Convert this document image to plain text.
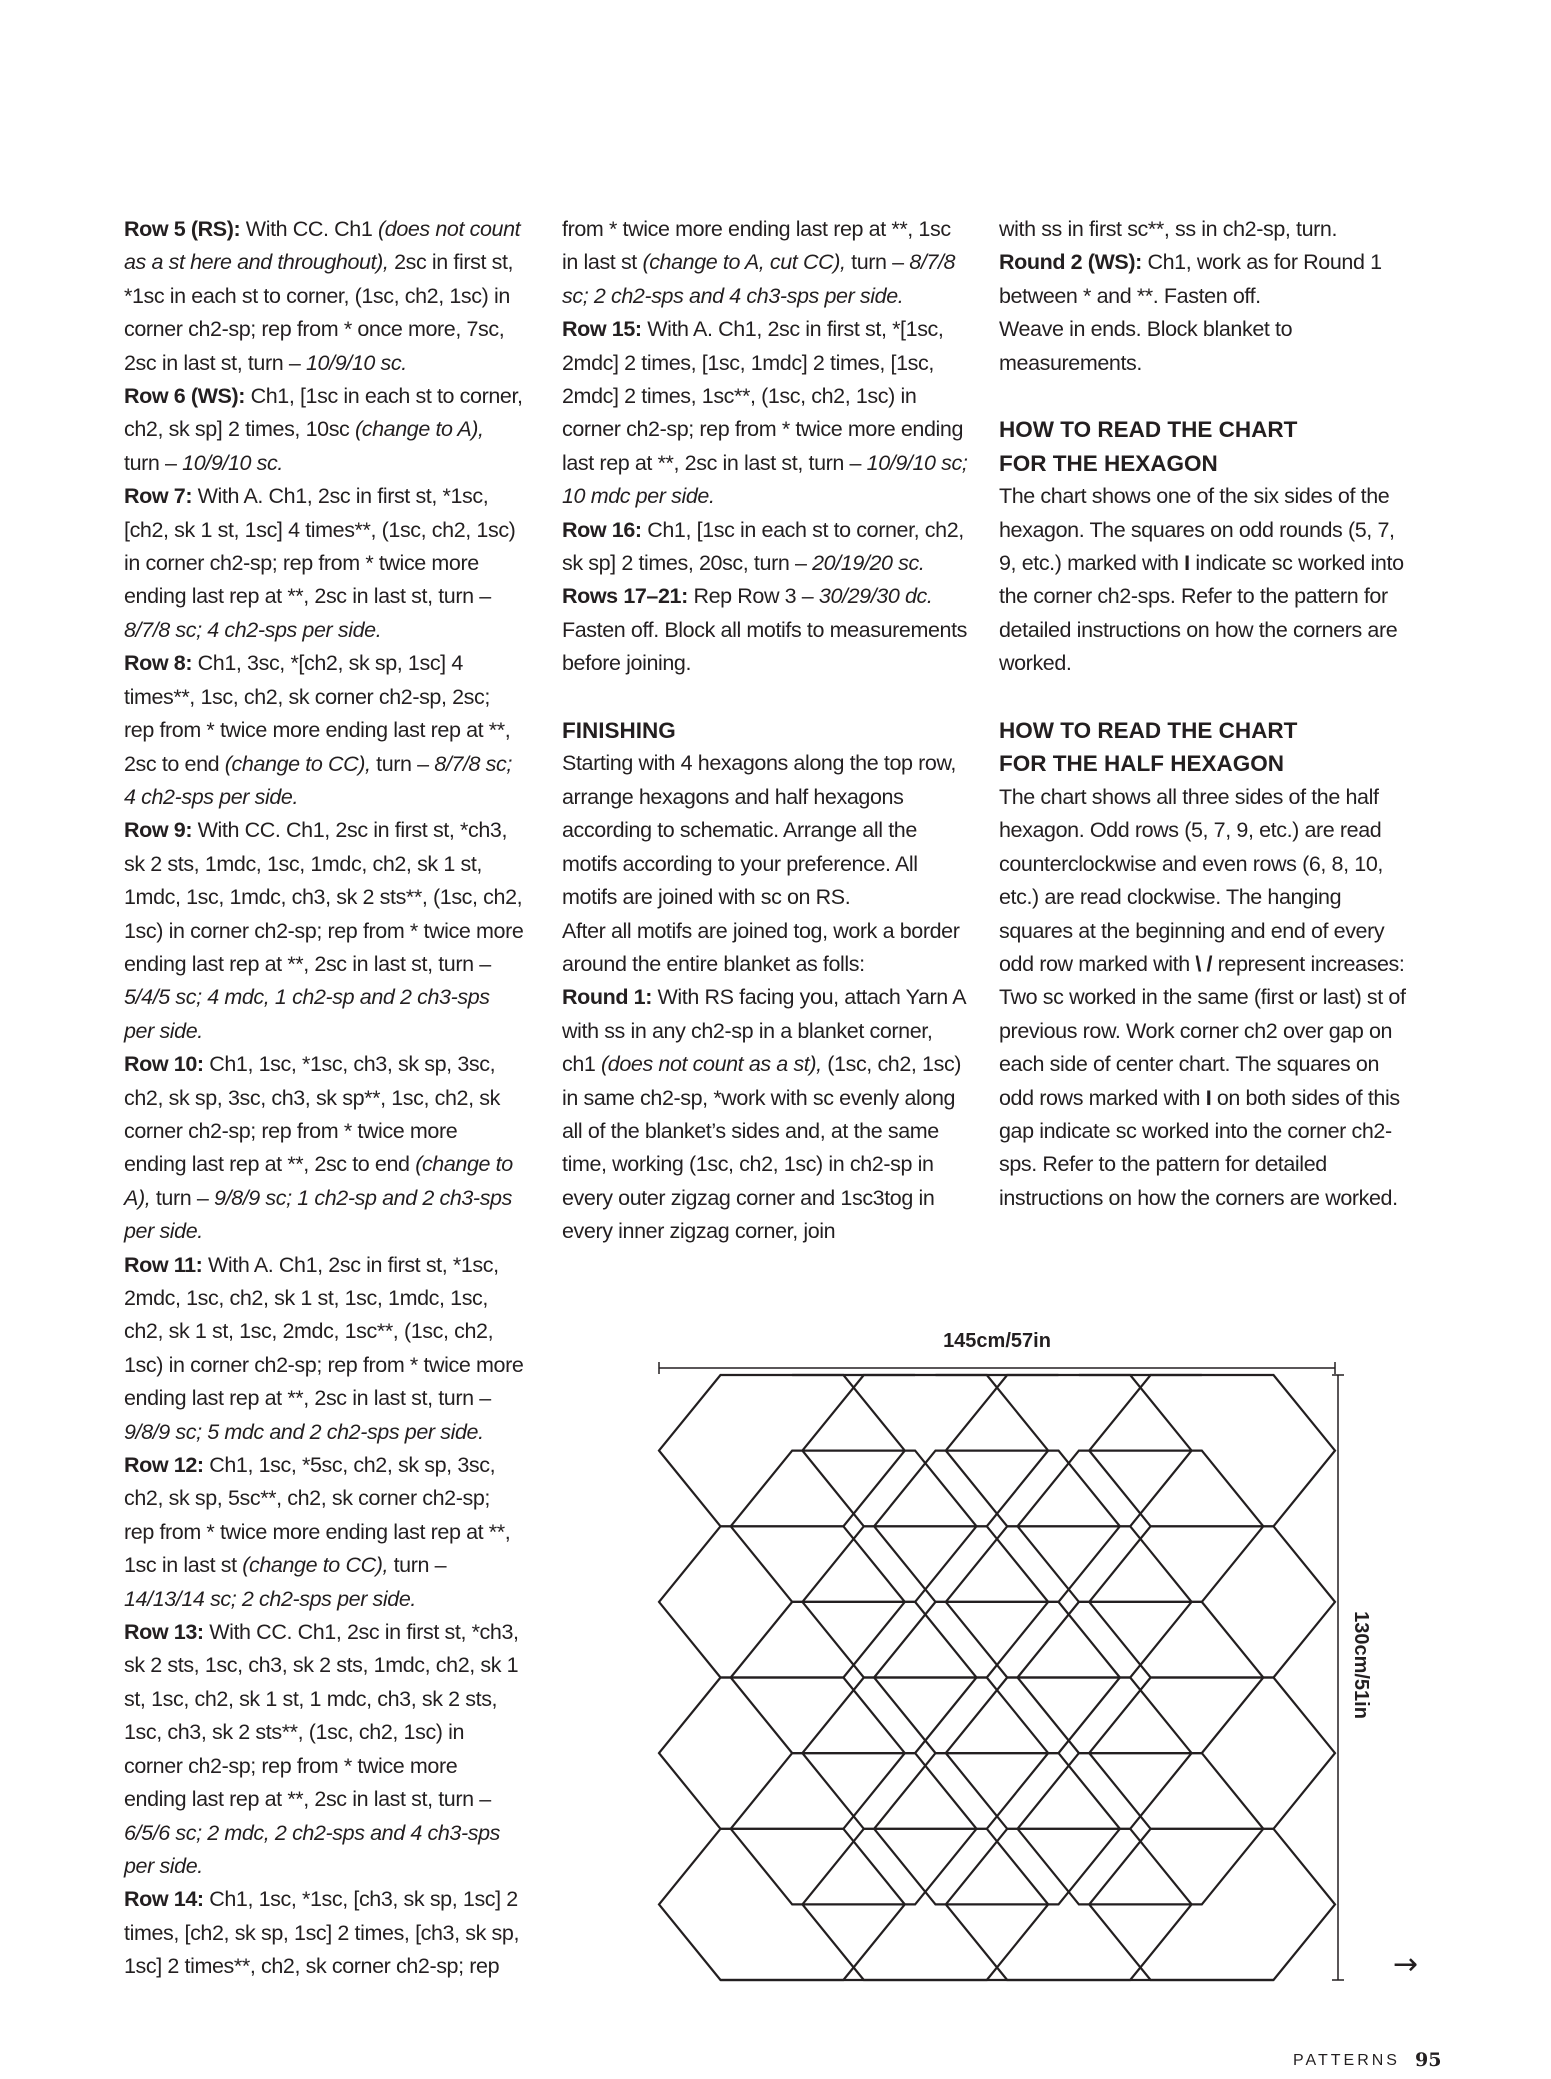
Row 5 (RS): With CC. Ch1 (does not count as a st here and throughout), 2sc in first st, *1sc in each st to corner, (1sc, ch2, 1sc) in corner ch2-sp; rep from * once more, 7sc, 2sc in last st, turn – 10/9/10 sc.

Row 6 (WS): Ch1, [1sc in each st to corner, ch2, sk sp] 2 times, 10sc (change to A), turn – 10/9/10 sc.

Row 7: With A. Ch1, 2sc in first st, *1sc, [ch2, sk 1 st, 1sc] 4 times**, (1sc, ch2, 1sc) in corner ch2-sp; rep from * twice more ending last rep at **, 2sc in last st, turn – 8/7/8 sc; 4 ch2-sps per side.

Row 8: Ch1, 3sc, *[ch2, sk sp, 1sc] 4 times**, 1sc, ch2, sk corner ch2-sp, 2sc; rep from * twice more ending last rep at **, 2sc to end (change to CC), turn – 8/7/8 sc; 4 ch2-sps per side.

Row 9: With CC. Ch1, 2sc in first st, *ch3, sk 2 sts, 1mdc, 1sc, 1mdc, ch2, sk 1 st, 1mdc, 1sc, 1mdc, ch3, sk 2 sts**, (1sc, ch2, 1sc) in corner ch2-sp; rep from * twice more ending last rep at **, 2sc in last st, turn – 5/4/5 sc; 4 mdc, 1 ch2-sp and 2 ch3-sps per side.

Row 10: Ch1, 1sc, *1sc, ch3, sk sp, 3sc, ch2, sk sp, 3sc, ch3, sk sp**, 1sc, ch2, sk corner ch2-sp; rep from * twice more ending last rep at **, 2sc to end (change to A), turn – 9/8/9 sc; 1 ch2-sp and 2 ch3-sps per side.

Row 11: With A. Ch1, 2sc in first st, *1sc, 2mdc, 1sc, ch2, sk 1 st, 1sc, 1mdc, 1sc, ch2, sk 1 st, 1sc, 2mdc, 1sc**, (1sc, ch2, 1sc) in corner ch2-sp; rep from * twice more ending last rep at **, 2sc in last st, turn – 9/8/9 sc; 5 mdc and 2 ch2-sps per side.

Row 12: Ch1, 1sc, *5sc, ch2, sk sp, 3sc, ch2, sk sp, 5sc**, ch2, sk corner ch2-sp; rep from * twice more ending last rep at **, 1sc in last st (change to CC), turn – 14/13/14 sc; 2 ch2-sps per side.

Row 13: With CC. Ch1, 2sc in first st, *ch3, sk 2 sts, 1sc, ch3, sk 2 sts, 1mdc, ch2, sk 1 st, 1sc, ch2, sk 1 st, 1 mdc, ch3, sk 2 sts, 1sc, ch3, sk 2 sts**, (1sc, ch2, 1sc) in corner ch2-sp; rep from * twice more ending last rep at **, 2sc in last st, turn – 6/5/6 sc; 2 mdc, 2 ch2-sps and 4 ch3-sps per side.

Row 14: Ch1, 1sc, *1sc, [ch3, sk sp, 1sc] 2 times, [ch2, sk sp, 1sc] 2 times, [ch3, sk sp, 1sc] 2 times**, ch2, sk corner ch2-sp; rep

from * twice more ending last rep at **, 1sc in last st (change to A, cut CC), turn – 8/7/8 sc; 2 ch2-sps and 4 ch3-sps per side.

Row 15: With A. Ch1, 2sc in first st, *[1sc, 2mdc] 2 times, [1sc, 1mdc] 2 times, [1sc, 2mdc] 2 times, 1sc**, (1sc, ch2, 1sc) in corner ch2-sp; rep from * twice more ending last rep at **, 2sc in last st, turn – 10/9/10 sc; 10 mdc per side.

Row 16: Ch1, [1sc in each st to corner, ch2, sk sp] 2 times, 20sc, turn – 20/19/20 sc.

Rows 17–21: Rep Row 3 – 30/29/30 dc.

Fasten off. Block all motifs to measurements before joining.

FINISHING

Starting with 4 hexagons along the top row, arrange hexagons and half hexagons according to schematic. Arrange all the motifs according to your preference. All motifs are joined with sc on RS.

After all motifs are joined tog, work a border around the entire blanket as folls:

Round 1: With RS facing you, attach Yarn A with ss in any ch2-sp in a blanket corner, ch1 (does not count as a st), (1sc, ch2, 1sc) in same ch2-sp, *work with sc evenly along all of the blanket’s sides and, at the same time, working (1sc, ch2, 1sc) in ch2-sp in every outer zigzag corner and 1sc3tog in every inner zigzag corner, join

with ss in first sc**, ss in ch2-sp, turn.

Round 2 (WS): Ch1, work as for Round 1 between * and **. Fasten off.

Weave in ends. Block blanket to measurements.

HOW TO READ THE CHART

FOR THE HEXAGON

The chart shows one of the six sides of the hexagon. The squares on odd rounds (5, 7, 9, etc.) marked with I indicate sc worked into the corner ch2-sps. Refer to the pattern for detailed instructions on how the corners are worked.

HOW TO READ THE CHART

FOR THE HALF HEXAGON

The chart shows all three sides of the half hexagon. Odd rows (5, 7, 9, etc.) are read counterclockwise and even rows (6, 8, 10, etc.) are read clockwise. The hanging squares at the beginning and end of every odd row marked with \ / represent increases: Two sc worked in the same (first or last) st of previous row. Work corner ch2 over gap on each side of center chart. The squares on odd rows marked with I on both sides of this gap indicate sc worked into the corner ch2-sps. Refer to the pattern for detailed instructions on how the corners are worked.

145cm/57in
130cm/51in
→
PATTERNS 95
